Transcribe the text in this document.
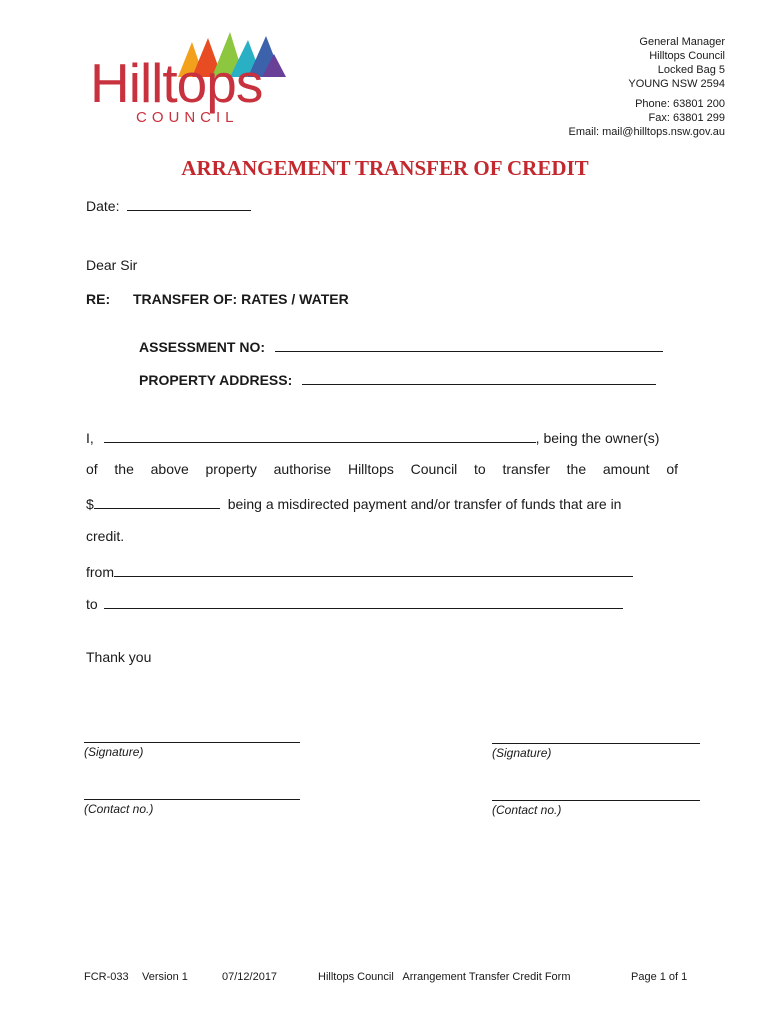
Hilltops
COUNCIL
General Manager
Hilltops Council
Locked Bag 5
YOUNG NSW 2594
Phone: 63801 200
Fax: 63801 299
Email: mail@hilltops.nsw.gov.au
ARRANGEMENT TRANSFER OF CREDIT
Date:
Dear Sir
RE: TRANSFER OF: RATES / WATER
ASSESSMENT NO:
PROPERTY ADDRESS:
I,	, being the owner(s)
of the above property authorise Hilltops Council to transfer the amount of
$	being a misdirected payment and/or transfer of funds that are in
credit.
from
to
Thank you
(Signature)
(Contact no.)
(Signature)
(Contact no.)
FCR-033 Version 1	07/12/2017	Hilltops Council   Arrangement Transfer Credit Form	Page 1 of 1
